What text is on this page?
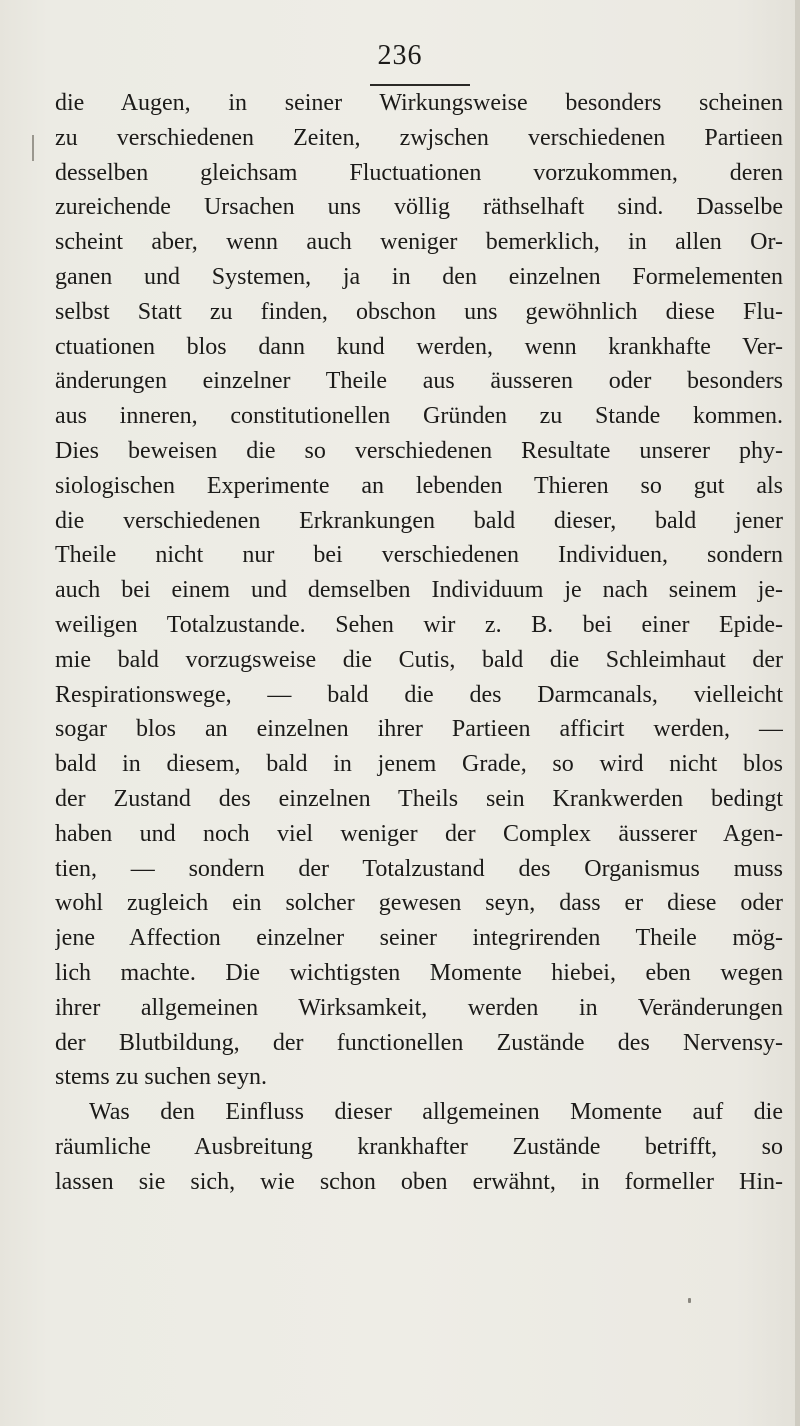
236
die Augen, in seiner Wirkungsweise besonders scheinen
zu verschiedenen Zeiten, zwjschen verschiedenen Partieen
desselben gleichsam Fluctuationen vorzukommen, deren
zureichende Ursachen uns völlig räthselhaft sind. Dasselbe
scheint aber, wenn auch weniger bemerklich, in allen Or-
ganen und Systemen, ja in den einzelnen Formelementen
selbst Statt zu finden, obschon uns gewöhnlich diese Flu-
ctuationen blos dann kund werden, wenn krankhafte Ver-
änderungen einzelner Theile aus äusseren oder besonders
aus inneren, constitutionellen Gründen zu Stande kommen.
Dies beweisen die so verschiedenen Resultate unserer phy-
siologischen Experimente an lebenden Thieren so gut als
die verschiedenen Erkrankungen bald dieser, bald jener
Theile nicht nur bei verschiedenen Individuen, sondern
auch bei einem und demselben Individuum je nach seinem je-
weiligen Totalzustande. Sehen wir z. B. bei einer Epide-
mie bald vorzugsweise die Cutis, bald die Schleimhaut der
Respirationswege, — bald die des Darmcanals, vielleicht
sogar blos an einzelnen ihrer Partieen afficirt werden, —
bald in diesem, bald in jenem Grade, so wird nicht blos
der Zustand des einzelnen Theils sein Krankwerden bedingt
haben und noch viel weniger der Complex äusserer Agen-
tien, — sondern der Totalzustand des Organismus muss
wohl zugleich ein solcher gewesen seyn, dass er diese oder
jene Affection einzelner seiner integrirenden Theile mög-
lich machte. Die wichtigsten Momente hiebei, eben wegen
ihrer allgemeinen Wirksamkeit, werden in Veränderungen
der Blutbildung, der functionellen Zustände des Nervensy-
stems zu suchen seyn.
Was den Einfluss dieser allgemeinen Momente auf die
räumliche Ausbreitung krankhafter Zustände betrifft, so
lassen sie sich, wie schon oben erwähnt, in formeller Hin-
